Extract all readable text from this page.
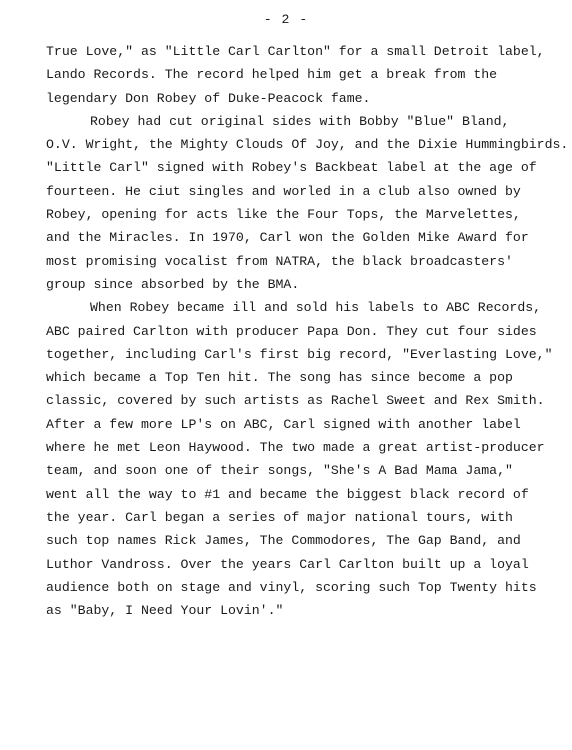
- 2 -
True Love," as "Little Carl Carlton" for a small Detroit label,
Lando Records. The record helped him get a break from the
legendary Don Robey of Duke-Peacock fame.
Robey had cut original sides with Bobby "Blue" Bland,
O.V. Wright, the Mighty Clouds Of Joy, and the Dixie Hummingbirds.
"Little Carl" signed with Robey's Backbeat label at the age of
fourteen. He ciut singles and worled in a club also owned by
Robey, opening for acts like the Four Tops, the Marvelettes,
and the Miracles. In 1970, Carl won the Golden Mike Award for
most promising vocalist from NATRA, the black broadcasters'
group since absorbed by the BMA.
When Robey became ill and sold his labels to ABC Records,
ABC paired Carlton with producer Papa Don. They cut four sides
together, including Carl's first big record, "Everlasting Love,"
which became a Top Ten hit. The song has since become a pop
classic, covered by such artists as Rachel Sweet and Rex Smith.
After a few more LP's on ABC, Carl signed with another label
where he met Leon Haywood. The two made a great artist-producer
team, and soon one of their songs, "She's A Bad Mama Jama,"
went all the way to #1 and became the biggest black record of
the year. Carl began a series of major national tours, with
such top names Rick James, The Commodores, The Gap Band, and
Luthor Vandross. Over the years Carl Carlton built up a loyal
audience both on stage and vinyl, scoring such Top Twenty hits
as "Baby, I Need Your Lovin'."
